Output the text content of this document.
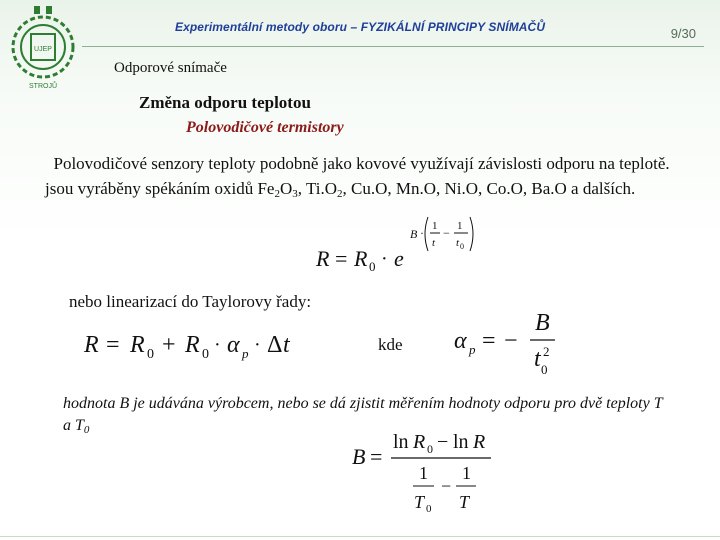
UJEP
STROJŮ
Experimentální metody oboru – FYZIKÁLNÍ PRINCIPY SNÍMAČŮ	9/30
Odporové snímače
Změna odporu teplotou
Polovodičové termistory
Polovodičové senzory teploty podobně jako kovové využívají závislosti odporu na teplotě. jsou vyráběny spékáním oxidů $Fe_2O_3$, $Ti.O_2$, Cu.O, Mn.O, Ni.O, Co.O, Ba.O a dalších.
R = R 0 · e
B · 1
t
− 1
t 0
nebo linearizací do Taylorovy řady:
R = R 0 + R 0 · α p · Δ t	kde α p = −
B
t 0
2
hodnota B je udávána výrobcem, nebo se dá zjistit měřením hodnoty odporu pro dvě teploty T a $T_0$
B =
ln R 0 − ln R
1
T 0
−
1
T
